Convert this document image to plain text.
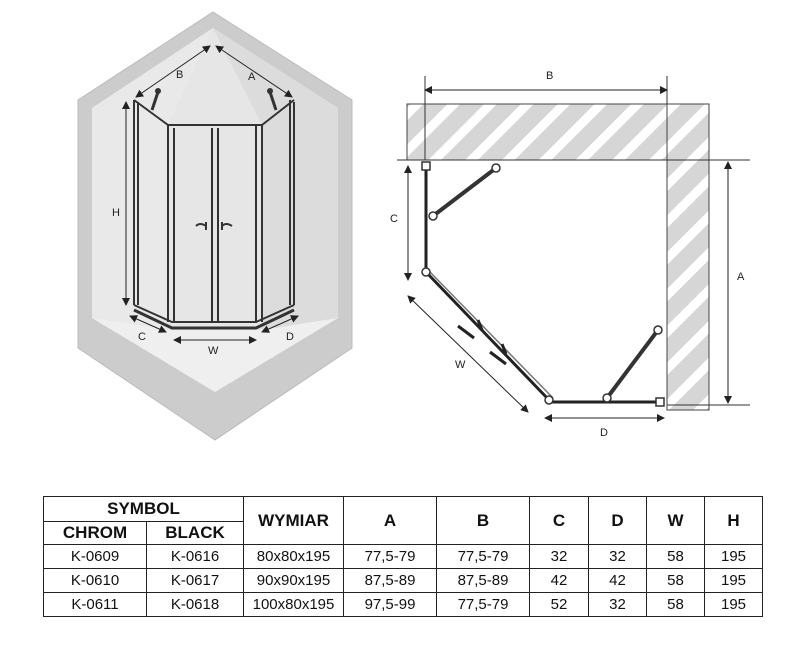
B	A
H
C
W
D
B
C
W
D
A
SYMBOL		WYMIAR	A	B	C	D	W	H
CHROM	BLACK							
K-0609	K-0616	80x80x195	77,5-79	77,5-79	32	32	58	195
K-0610	K-0617	90x90x195	87,5-89	87,5-89	42	42	58	195
K-0611	K-0618	100x80x195	97,5-99	77,5-79	52	32	58	195
